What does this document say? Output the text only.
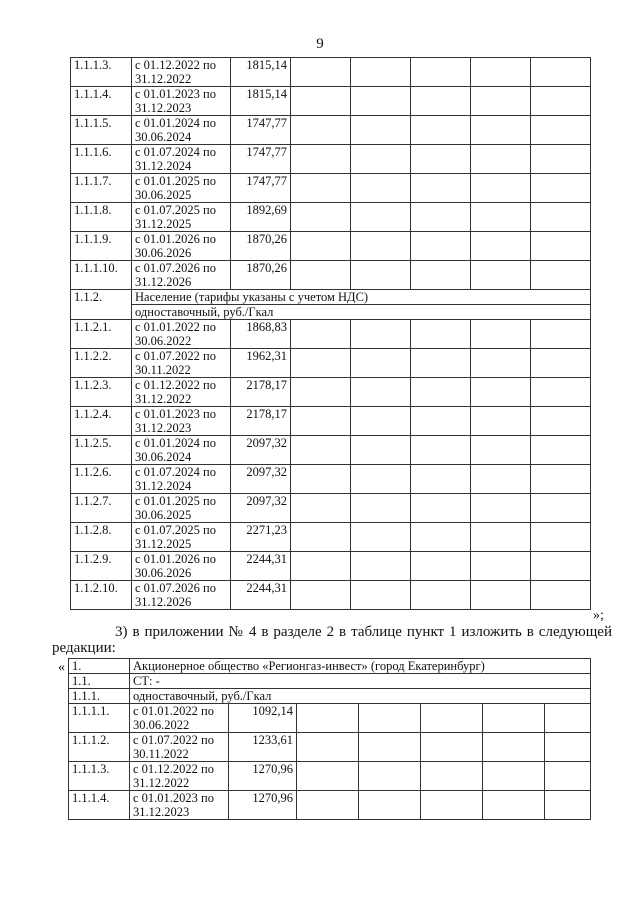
9
1.1.1.3.	с 01.12.2022 по
31.12.2022	1815,14					
1.1.1.4.	с 01.01.2023 по
31.12.2023	1815,14					
1.1.1.5.	с 01.01.2024 по
30.06.2024	1747,77					
1.1.1.6.	с 01.07.2024 по
31.12.2024	1747,77					
1.1.1.7.	с 01.01.2025 по
30.06.2025	1747,77					
1.1.1.8.	с 01.07.2025 по
31.12.2025	1892,69					
1.1.1.9.	с 01.01.2026 по
30.06.2026	1870,26					
1.1.1.10.	с 01.07.2026 по
31.12.2026	1870,26					
1.1.2.	Население (тарифы указаны с учетом НДС)						
	одноставочный, руб./Гкал						
1.1.2.1.	с 01.01.2022 по
30.06.2022	1868,83					
1.1.2.2.	с 01.07.2022 по
30.11.2022	1962,31					
1.1.2.3.	с 01.12.2022 по
31.12.2022	2178,17					
1.1.2.4.	с 01.01.2023 по
31.12.2023	2178,17					
1.1.2.5.	с 01.01.2024 по
30.06.2024	2097,32					
1.1.2.6.	с 01.07.2024 по
31.12.2024	2097,32					
1.1.2.7.	с 01.01.2025 по
30.06.2025	2097,32					
1.1.2.8.	с 01.07.2025 по
31.12.2025	2271,23					
1.1.2.9.	с 01.01.2026 по
30.06.2026	2244,31					
1.1.2.10.	с 01.07.2026 по
31.12.2026	2244,31					
»;
3) в приложении № 4 в разделе 2 в таблице пункт 1 изложить в следующей редакции:
« 1.	Акционерное общество «Регионгаз-инвест» (город Екатеринбург)						
1.1.	СТ: -						
1.1.1.	одноставочный, руб./Гкал						
1.1.1.1.	с 01.01.2022 по
30.06.2022	1092,14					
1.1.1.2.	с 01.07.2022 по
30.11.2022	1233,61					
1.1.1.3.	с 01.12.2022 по
31.12.2022	1270,96					
1.1.1.4.	с 01.01.2023 по
31.12.2023	1270,96					
